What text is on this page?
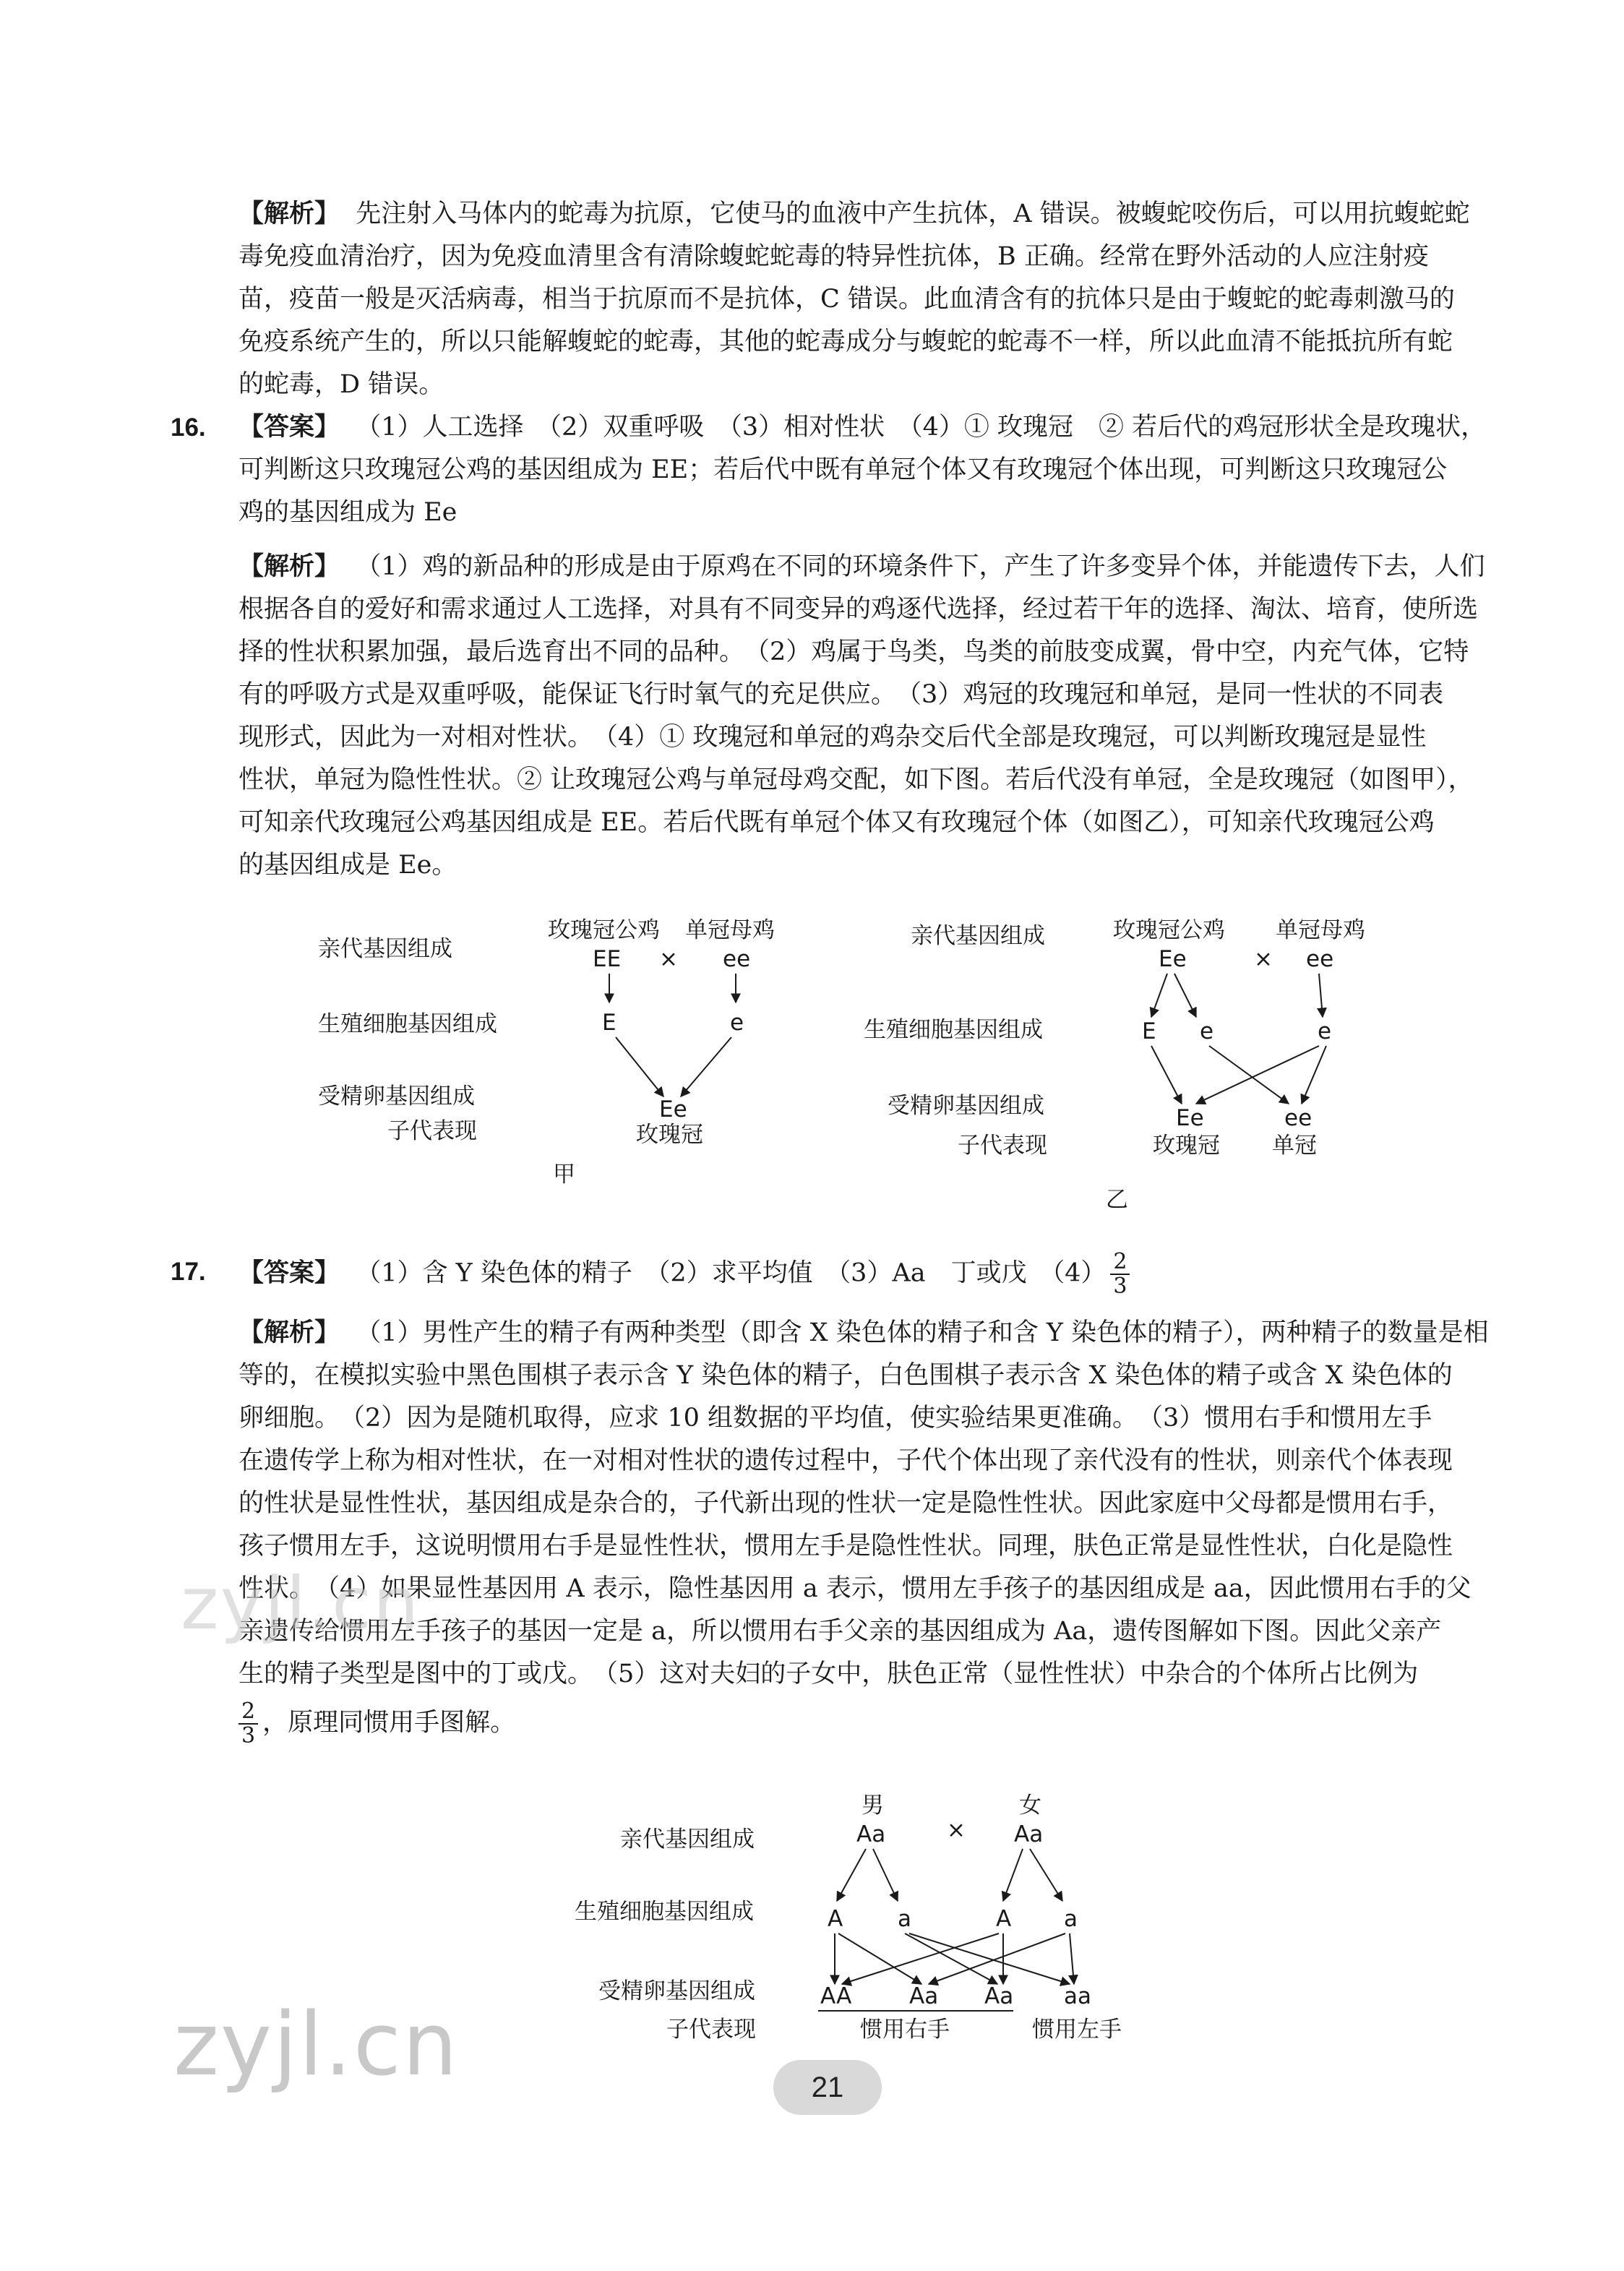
【解析】 先注射入马体内的蛇毒为抗原，它使马的血液中产生抗体，A 错误。被蝮蛇咬伤后，可以用抗蝮蛇蛇
毒免疫血清治疗，因为免疫血清里含有清除蝮蛇蛇毒的特异性抗体，B 正确。经常在野外活动的人应注射疫
苗，疫苗一般是灭活病毒，相当于抗原而不是抗体，C 错误。此血清含有的抗体只是由于蝮蛇的蛇毒刺激马的
免疫系统产生的，所以只能解蝮蛇的蛇毒，其他的蛇毒成分与蝮蛇的蛇毒不一样，所以此血清不能抵抗所有蛇
的蛇毒，D 错误。
16. 【答案】 （1）人工选择　（2）双重呼吸　（3）相对性状　（4）① 玫瑰冠　② 若后代的鸡冠形状全是玫瑰状，
可判断这只玫瑰冠公鸡的基因组成为 EE；若后代中既有单冠个体又有玫瑰冠个体出现，可判断这只玫瑰冠公
鸡的基因组成为 Ee
【解析】 （1）鸡的新品种的形成是由于原鸡在不同的环境条件下，产生了许多变异个体，并能遗传下去，人们
根据各自的爱好和需求通过人工选择，对具有不同变异的鸡逐代选择，经过若干年的选择、淘汰、培育，使所选
择的性状积累加强，最后选育出不同的品种。　（2）鸡属于鸟类，鸟类的前肢变成翼，骨中空，内充气体，它特
有的呼吸方式是双重呼吸，能保证飞行时氧气的充足供应。　（3）鸡冠的玫瑰冠和单冠，是同一性状的不同表
现形式，因此为一对相对性状。　（4）① 玫瑰冠和单冠的鸡杂交后代全部是玫瑰冠，可以判断玫瑰冠是显性
性状，单冠为隐性性状。② 让玫瑰冠公鸡与单冠母鸡交配，如下图。若后代没有单冠，全是玫瑰冠（如图甲），
可知亲代玫瑰冠公鸡基因组成是 EE。若后代既有单冠个体又有玫瑰冠个体（如图乙），可知亲代玫瑰冠公鸡
的基因组成是 Ee。
亲代基因组成
生殖细胞基因组成
受精卵基因组成
子代表现
玫瑰冠公鸡 单冠母鸡
EE × ee
E	e
Ee
玫瑰冠
甲
亲代基因组成
生殖细胞基因组成
受精卵基因组成
子代表现
玫瑰冠公鸡 单冠母鸡
Ee	× ee
E e	e
Ee	ee
玫瑰冠 单冠
乙
17. 【答案】 （1）含 Y 染色体的精子　（2）求平均值　（3）Aa　丁或戊　$(4) \frac{2}{3}$
【解析】 （1）男性产生的精子有两种类型（即含 X 染色体的精子和含 Y 染色体的精子），两种精子的数量是相
等的，在模拟实验中黑色围棋子表示含 Y 染色体的精子，白色围棋子表示含 X 染色体的精子或含 X 染色体的
卵细胞。　（2）因为是随机取得，应求 10 组数据的平均值，使实验结果更准确。　（3）惯用右手和惯用左手
在遗传学上称为相对性状，在一对相对性状的遗传过程中，子代个体出现了亲代没有的性状，则亲代个体表现
的性状是显性性状，基因组成是杂合的，子代新出现的性状一定是隐性性状。因此家庭中父母都是惯用右手，
孩子惯用左手，这说明惯用右手是显性性状，惯用左手是隐性性状。同理，肤色正常是显性性状，白化是隐性
性状。　（4）如果显性基因用 A 表示，隐性基因用 a 表示，惯用左手孩子的基因组成是 aa，因此惯用右手的父
亲遗传给惯用左手孩子的基因一定是 a，所以惯用右手父亲的基因组成为 Aa，遗传图解如下图。因此父亲产
生的精子类型是图中的丁或戊。　（5）这对夫妇的子女中，肤色正常（显性性状）中杂合的个体所占比例为
$\frac{2}{3}$ ，原理同惯用手图解。
亲代基因组成
生殖细胞基因组成
受精卵基因组成
子代表现
男	女
Aa	× Aa
A a	A a
AA	Aa Aa aa
惯用右手	惯用左手
zyjl.cn
zyjl.cn	21
